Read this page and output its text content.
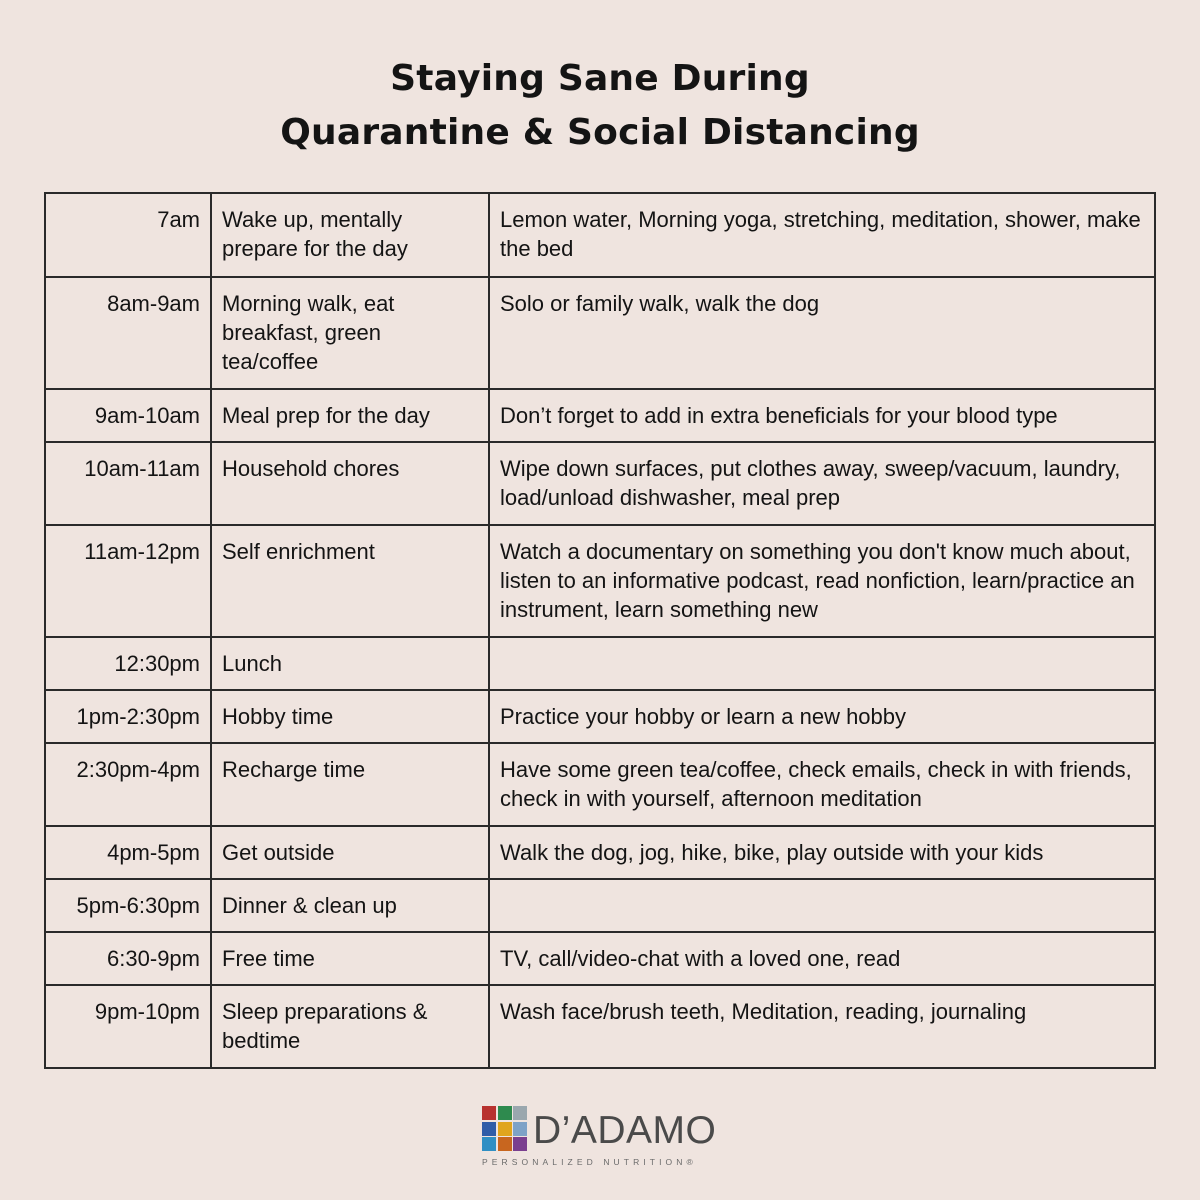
Staying Sane During
Quarantine & Social Distancing
7am	Wake up, mentally prepare for the day	Lemon water, Morning yoga, stretching, meditation, shower, make the bed

8am-9am	Morning walk, eat breakfast, green tea/coffee	Solo or family walk, walk the dog

9am-10am	Meal prep for the day	Don’t forget to add in extra beneficials for your blood type

10am-11am	Household chores	Wipe down surfaces, put clothes away, sweep/vacuum, laundry, load/unload dishwasher, meal prep

11am-12pm	Self enrichment	Watch a documentary on something you don't know much about, listen to an informative podcast, read nonfiction, learn/practice an instrument, learn something new

12:30pm	Lunch	

1pm-2:30pm	Hobby time	Practice your hobby or learn a new hobby

2:30pm-4pm	Recharge time	Have some green tea/coffee, check emails, check in with friends, check in with yourself, afternoon meditation

4pm-5pm	Get outside	Walk the dog, jog, hike, bike, play outside with your kids

5pm-6:30pm	Dinner & clean up	

6:30-9pm	Free time	TV, call/video-chat with a loved one, read

9pm-10pm	Sleep preparations & bedtime	Wash face/brush teeth, Meditation, reading, journaling
D’ADAMO
PERSONALIZED NUTRITION®
